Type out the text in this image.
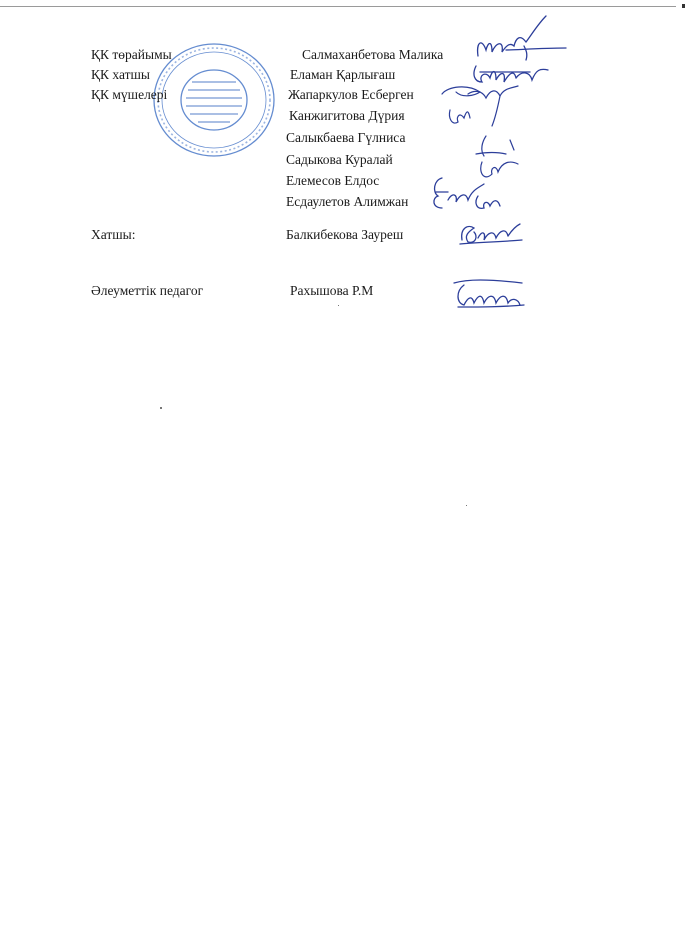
ҚК төрайымы
ҚК хатшы
ҚК мүшелері
Салмаханбетова Малика
Еламан Қарлығаш
Жапаркулов Есберген
Канжигитова Дүрия
Салыкбаева Гүлниса
Садыкова Куралай
Елемесов Елдос
Есдаулетов Алимжан
Хатшы:	Балкибекова Зауреш
Әлеуметтік педагог	Рахышова Р.М
